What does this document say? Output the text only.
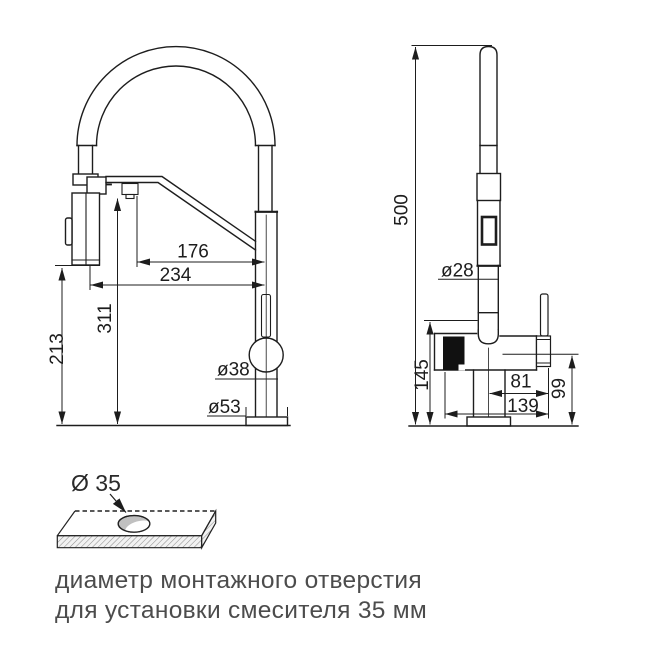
176
234
311
213
ø38
ø53
500
ø28
145	81 99
139
Ø 35
диаметр монтажного отверстия
для установки смесителя 35 мм
